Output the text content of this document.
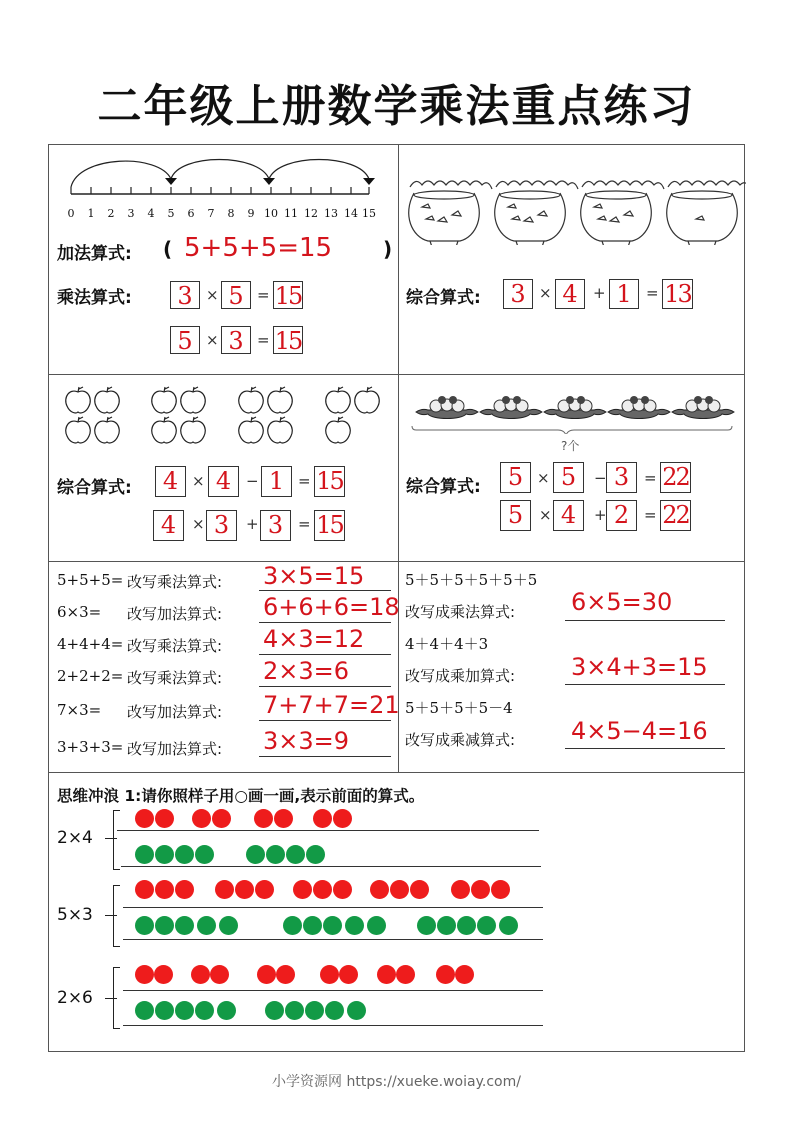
二年级上册数学乘法重点练习
0 1 2 3 4 5 6 7 8 9 10 11 12 13 14 15
加法算式: ( 5+5+5=15	)
乘法算式:	3 × 5 = 15
5 × 3 = 15
综合算式:	3 × 4	+ 1 = 13
综合算式:	4 × 4 − 1 = 15
4	× 3	+ 3 = 15
?个
综合算式:	5 × 5	− 3 = 22
5	× 4	+ 2 = 22
5+5+5= 改写乘法算式: 3×5=15
6×3= 改写加法算式: 6+6+6=18
4+4+4= 改写乘法算式: 4×3=12
2+2+2= 改写乘法算式: 2×3=6
7×3= 改写加法算式: 7+7+7=21
3+3+3= 改写加法算式: 3×3=9
5＋5＋5＋5＋5＋5
改写成乘法算式: 6×5=30
4＋4＋4＋3
改写成乘加算式: 3×4+3=15
5＋5＋5＋5－4
改写成乘减算式: 4×5−4=16
思维冲浪 1:请你照样子用○画一画,表示前面的算式。
2×4
5×3
2×6
小学资源网 https://xueke.woiay.com/
